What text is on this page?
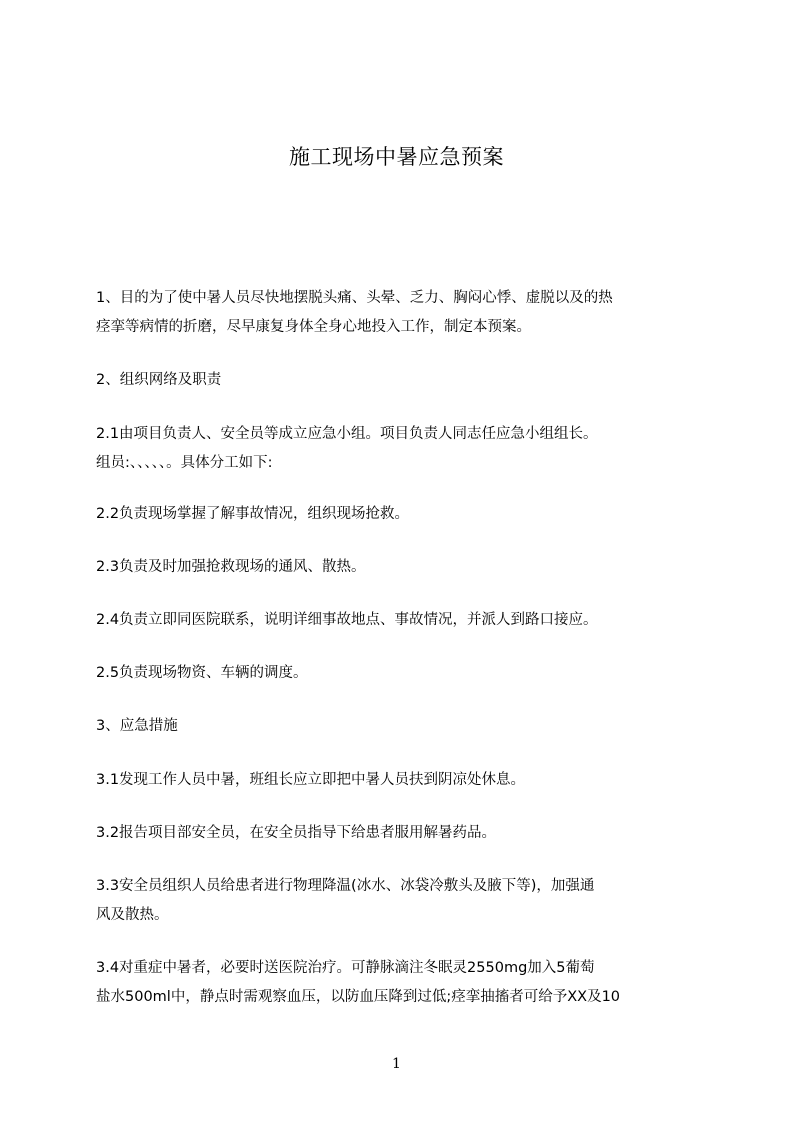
施工现场中暑应急预案
1、目的为了使中暑人员尽快地摆脱头痛、头晕、乏力、胸闷心悸、虚脱以及的热
痉挛等病情的折磨，尽早康复身体全身心地投入工作，制定本预案。
2、组织网络及职责
2.1由项目负责人、安全员等成立应急小组。项目负责人同志任应急小组组长。
组员:、、、、、。具体分工如下:
2.2负责现场掌握了解事故情况，组织现场抢救。
2.3负责及时加强抢救现场的通风、散热。
2.4负责立即同医院联系，说明详细事故地点、事故情况，并派人到路口接应。
2.5负责现场物资、车辆的调度。
3、应急措施
3.1发现工作人员中暑，班组长应立即把中暑人员扶到阴凉处休息。
3.2报告项目部安全员，在安全员指导下给患者服用解暑药品。
3.3安全员组织人员给患者进行物理降温(冰水、冰袋冷敷头及腋下等)，加强通
风及散热。
3.4对重症中暑者，必要时送医院治疗。可静脉滴注冬眠灵2550mg加入5葡萄
盐水500ml中，静点时需观察血压，以防血压降到过低;痉挛抽搐者可给予XX及10
1
